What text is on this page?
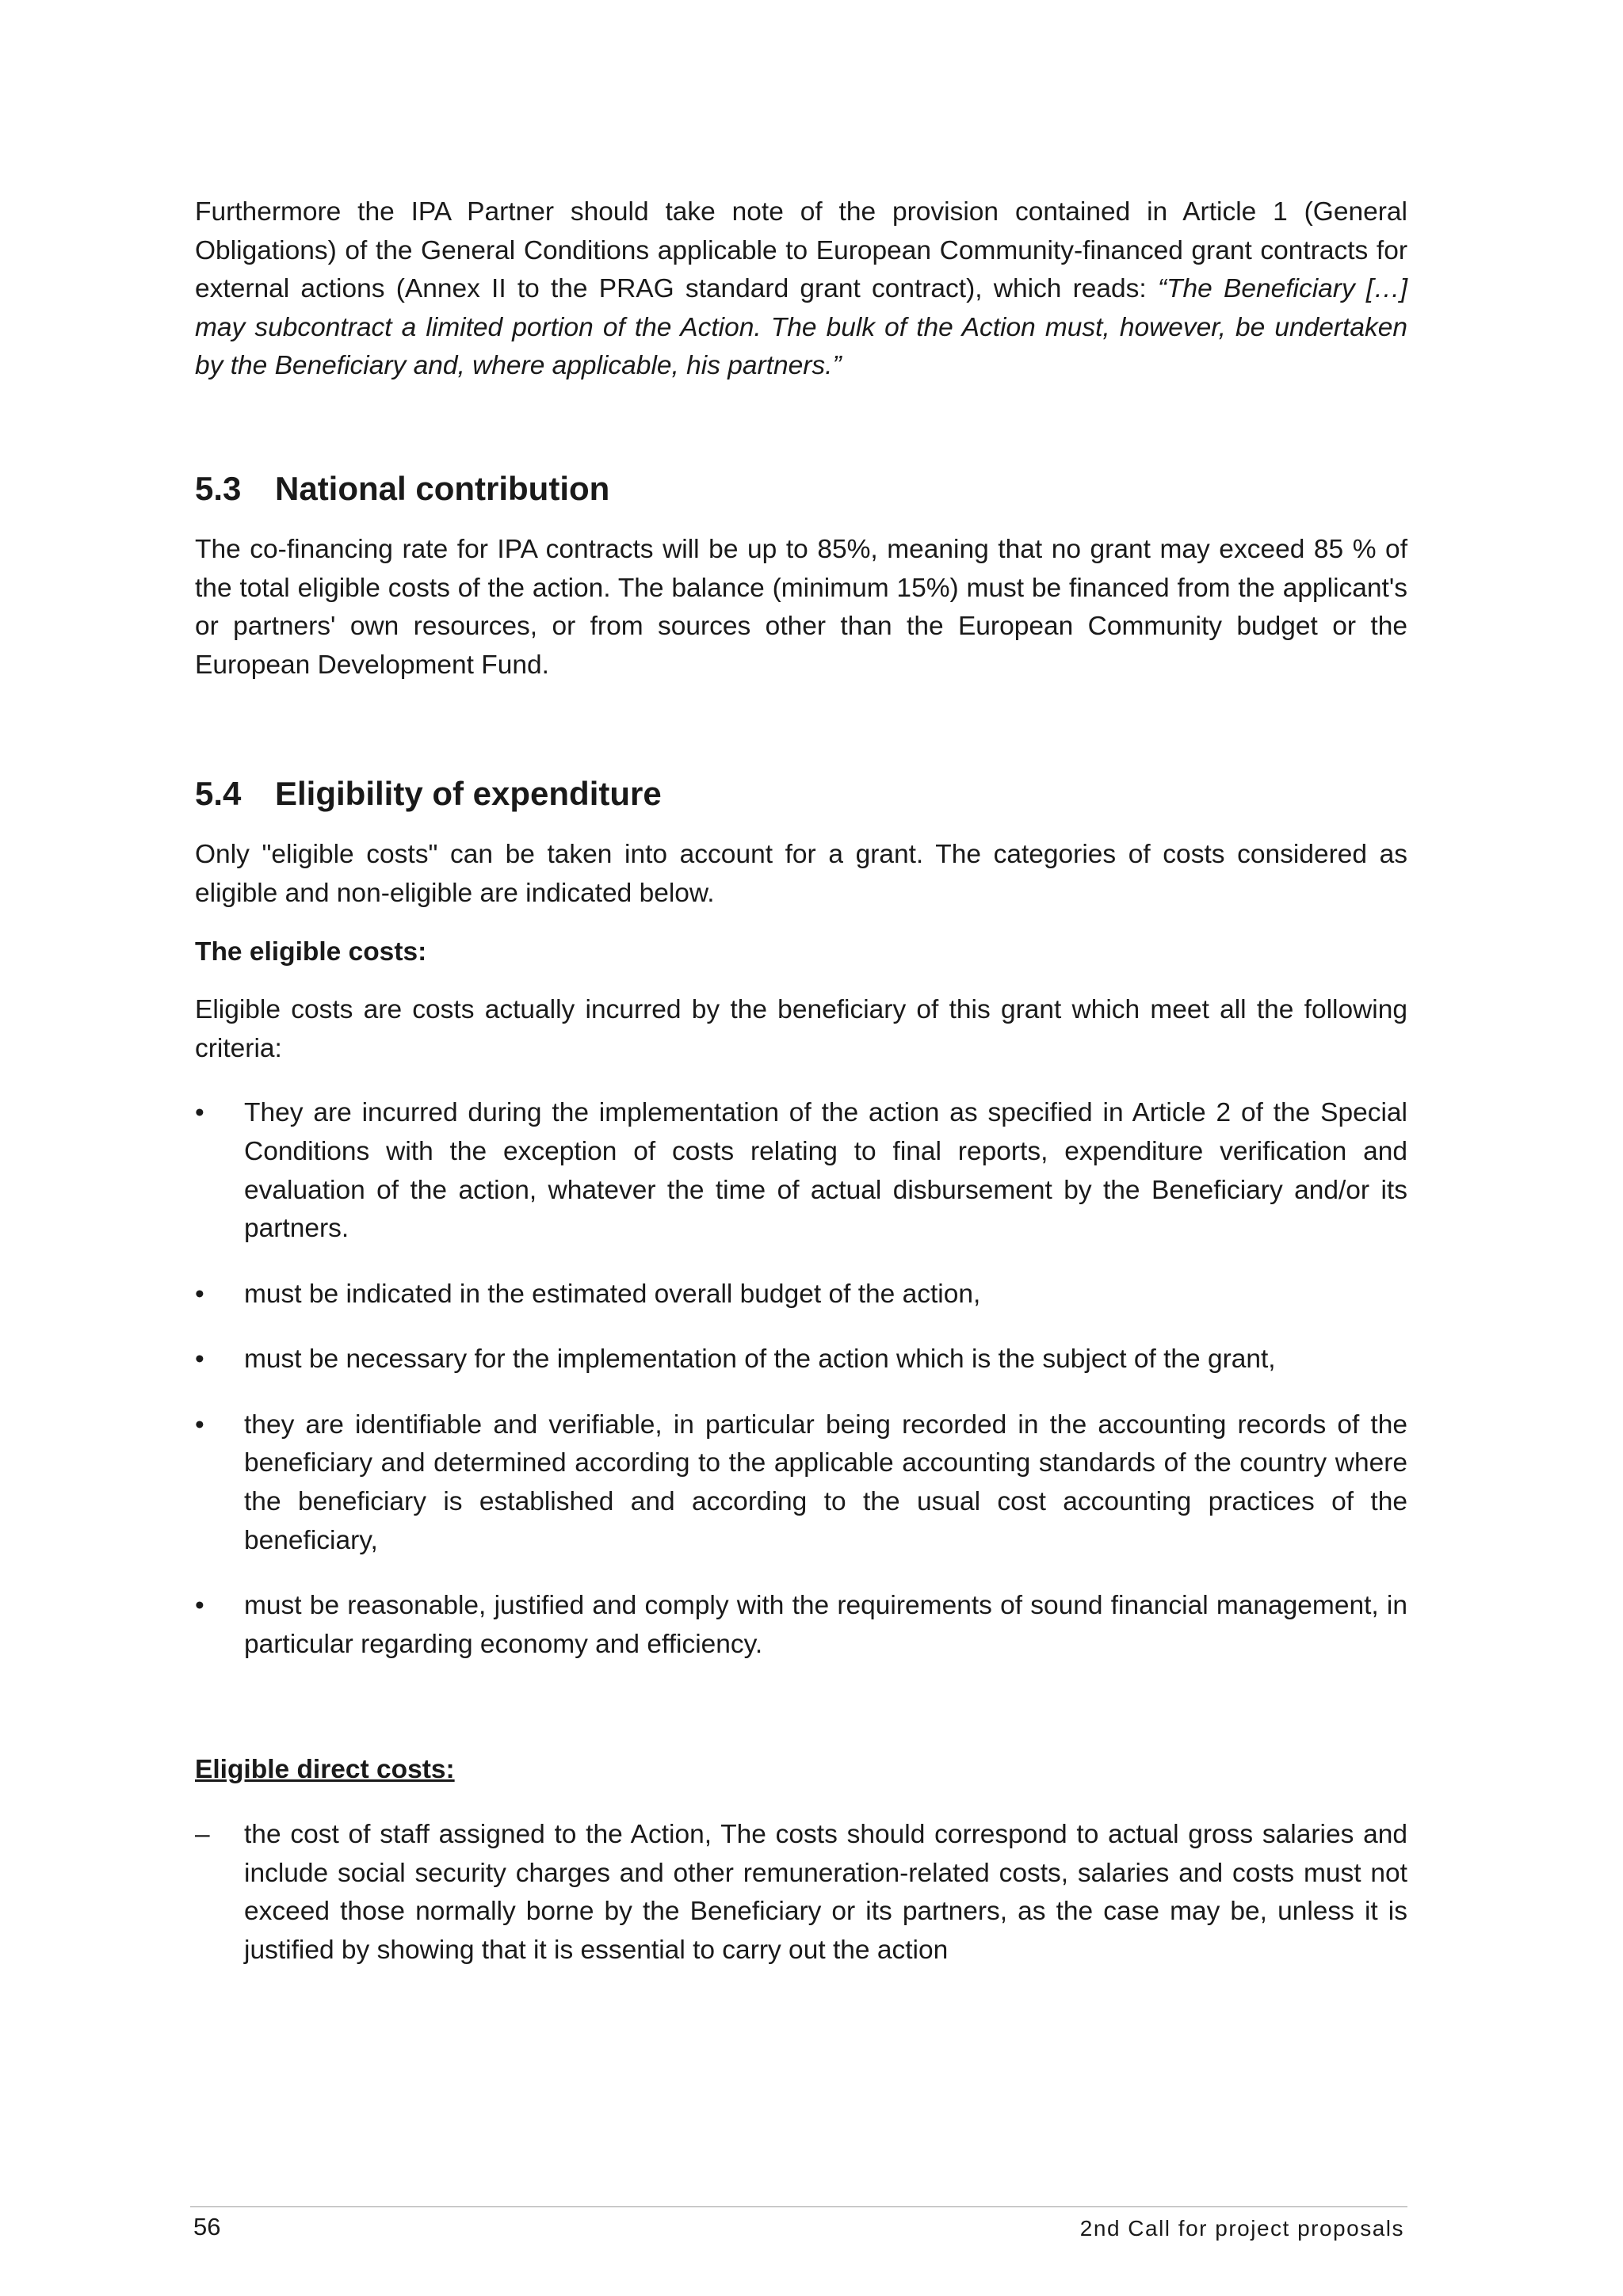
Furthermore the IPA Partner should take note of the provision contained in Article 1 (General Obligations) of the General Conditions applicable to European Community-financed grant contracts for external actions (Annex II to the PRAG standard grant contract), which reads: “The Beneficiary […] may subcontract a limited portion of the Action. The bulk of the Action must, however, be undertaken by the Beneficiary and, where applicable, his partners.”

5.3 National contribution

The co-financing rate for IPA contracts will be up to 85%, meaning that no grant may exceed 85 % of the total eligible costs of the action. The balance (minimum 15%) must be financed from the applicant's or partners' own resources, or from sources other than the European Community budget or the European Development Fund.

5.4 Eligibility of expenditure

Only "eligible costs" can be taken into account for a grant. The categories of costs considered as eligible and non-eligible are indicated below.

The eligible costs:

Eligible costs are costs actually incurred by the beneficiary of this grant which meet all the following criteria:

• They are incurred during the implementation of the action as specified in Article 2 of the Special Conditions with the exception of costs relating to final reports, expenditure verification and evaluation of the action, whatever the time of actual disbursement by the Beneficiary and/or its partners.

• must be indicated in the estimated overall budget of the action,

• must be necessary for the implementation of the action which is the subject of the grant,

• they are identifiable and verifiable, in particular being recorded in the accounting records of the beneficiary and determined according to the applicable accounting standards of the country where the beneficiary is established and according to the usual cost accounting practices of the beneficiary,

• must be reasonable, justified and comply with the requirements of sound financial management, in particular regarding economy and efficiency.

Eligible direct costs:

– the cost of staff assigned to the Action, The costs should correspond to actual gross salaries and include social security charges and other remuneration-related costs, salaries and costs must not exceed those normally borne by the Beneficiary or its partners, as the case may be, unless it is justified by showing that it is essential to carry out the action

56	2nd Call for project proposals
